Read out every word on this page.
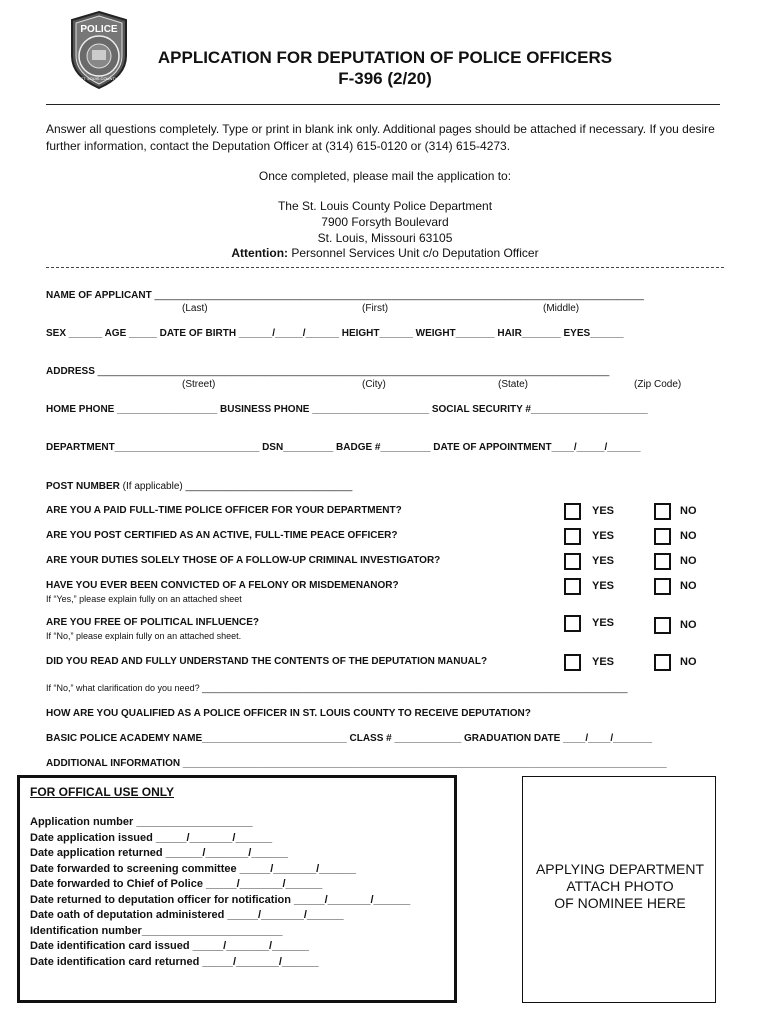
POLICE
ST. LOUIS COUNTY
APPLICATION FOR DEPUTATION OF POLICE OFFICERS
F-396 (2/20)
Answer all questions completely. Type or print in blank ink only. Additional pages should be attached if necessary. If you desire further information, contact the Deputation Officer at (314) 615-0120 or (314) 615-4273.
Once completed, please mail the application to:
The St. Louis County Police Department
7900 Forsyth Boulevard
St. Louis, Missouri 63105
Attention: Personnel Services Unit c/o Deputation Officer
NAME OF APPLICANT ________________________________________________________________________________________
(Last)	(First)	(Middle)
SEX ______ AGE _____ DATE OF BIRTH ______/_____/______ HEIGHT______ WEIGHT_______ HAIR_______ EYES______
ADDRESS ____________________________________________________________________________________________
(Street)	(City)	(State)	(Zip Code)
HOME PHONE __________________ BUSINESS PHONE _____________________ SOCIAL SECURITY #_____________________
DEPARTMENT__________________________ DSN_________ BADGE #_________ DATE OF APPOINTMENT____/_____/______
POST NUMBER (If applicable) ______________________________
ARE YOU A PAID FULL-TIME POLICE OFFICER FOR YOUR DEPARTMENT?	YES	NO
ARE YOU POST CERTIFIED AS AN ACTIVE, FULL-TIME PEACE OFFICER?	YES	NO
ARE YOUR DUTIES SOLELY THOSE OF A FOLLOW-UP CRIMINAL INVESTIGATOR?	YES	NO
HAVE YOU EVER BEEN CONVICTED OF A FELONY OR MISDEMENANOR?
If “Yes,” please explain fully on an attached sheet
YES	NO
ARE YOU FREE OF POLITICAL INFLUENCE?
If “No,” please explain fully on an attached sheet.
YES	NO
DID YOU READ AND FULLY UNDERSTAND THE CONTENTS OF THE DEPUTATION MANUAL?	YES	NO
If “No,” what clarification do you need? _____________________________________________________________________________________
HOW ARE YOU QUALIFIED AS A POLICE OFFICER IN ST. LOUIS COUNTY TO RECEIVE DEPUTATION?
BASIC POLICE ACADEMY NAME__________________________ CLASS # ____________ GRADUATION DATE ____/____/_______
ADDITIONAL INFORMATION _______________________________________________________________________________________
FOR OFFICAL USE ONLY
Application number ___________________
Date application issued _____/_______/______
Date application returned ______/_______/______
Date forwarded to screening committee _____/_______/______
Date forwarded to Chief of Police _____/_______/______
Date returned to deputation officer for notification _____/_______/______
Date oath of deputation administered _____/_______/______
Identification number_______________________
Date identification card issued _____/_______/______
Date identification card returned _____/_______/______
APPLYING DEPARTMENT
ATTACH PHOTO
OF NOMINEE HERE
